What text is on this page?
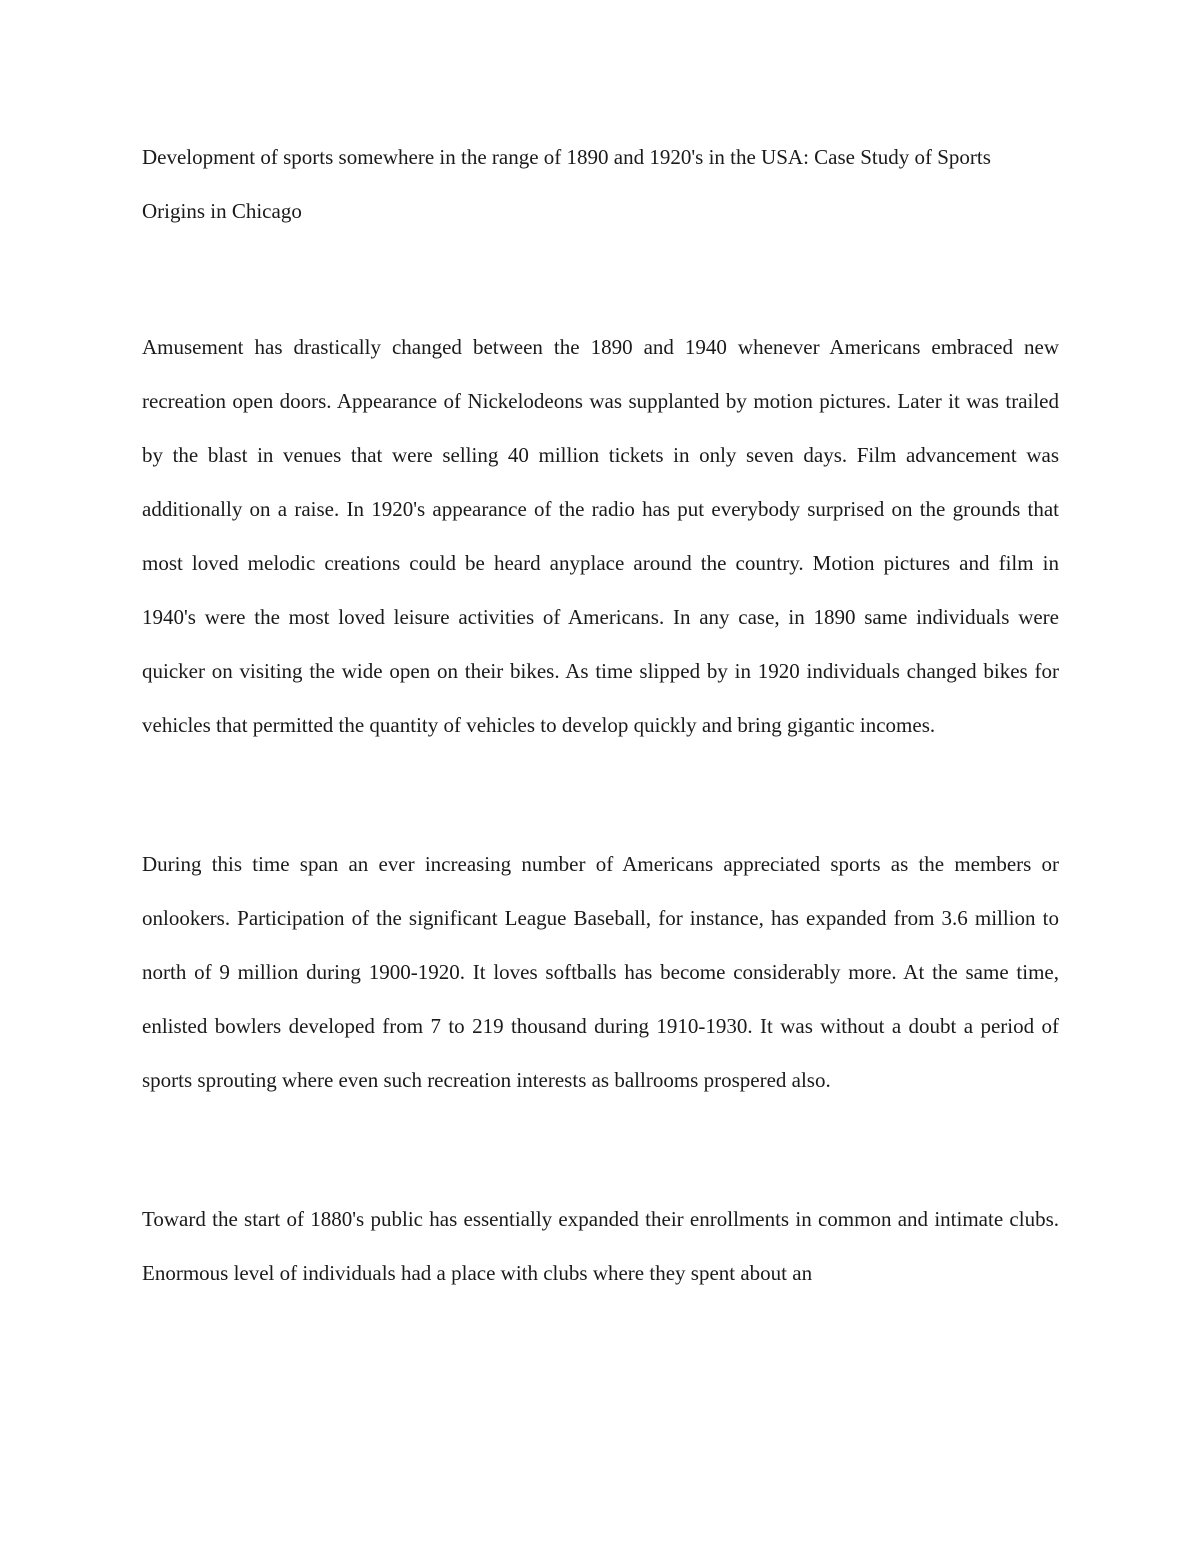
Development of sports somewhere in the range of 1890 and 1920's in the USA: Case Study of Sports Origins in Chicago

Amusement has drastically changed between the 1890 and 1940 whenever Americans embraced new recreation open doors. Appearance of Nickelodeons was supplanted by motion pictures. Later it was trailed by the blast in venues that were selling 40 million tickets in only seven days. Film advancement was additionally on a raise. In 1920's appearance of the radio has put everybody surprised on the grounds that most loved melodic creations could be heard anyplace around the country. Motion pictures and film in 1940's were the most loved leisure activities of Americans. In any case, in 1890 same individuals were quicker on visiting the wide open on their bikes. As time slipped by in 1920 individuals changed bikes for vehicles that permitted the quantity of vehicles to develop quickly and bring gigantic incomes.

During this time span an ever increasing number of Americans appreciated sports as the members or onlookers. Participation of the significant League Baseball, for instance, has expanded from 3.6 million to north of 9 million during 1900-1920. It loves softballs has become considerably more. At the same time, enlisted bowlers developed from 7 to 219 thousand during 1910-1930. It was without a doubt a period of sports sprouting where even such recreation interests as ballrooms prospered also.

Toward the start of 1880's public has essentially expanded their enrollments in common and intimate clubs. Enormous level of individuals had a place with clubs where they spent about an
